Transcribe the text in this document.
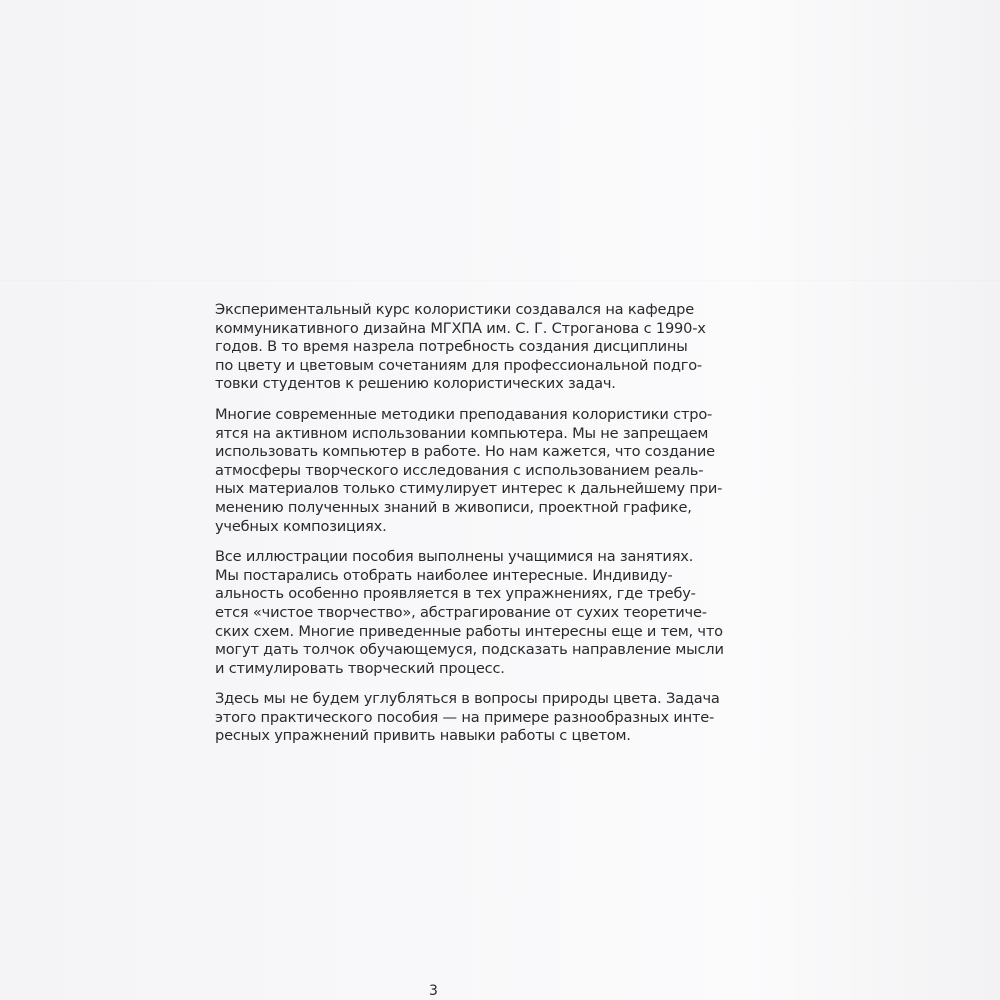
Экспериментальный курс колористики создавался на кафедре
коммуникативного дизайна МГХПА им. С. Г. Строганова с 1990-х
годов. В то время назрела потребность создания дисциплины
по цвету и цветовым сочетаниям для профессиональной подго-
товки студентов к решению колористических задач.

Многие современные методики преподавания колористики стро-
ятся на активном использовании компьютера. Мы не запрещаем
использовать компьютер в работе. Но нам кажется, что создание
атмосферы творческого исследования с использованием реаль-
ных материалов только стимулирует интерес к дальнейшему при-
менению полученных знаний в живописи, проектной графике,
учебных композициях.

Все иллюстрации пособия выполнены учащимися на занятиях.
Мы постарались отобрать наиболее интересные. Индивиду-
альность особенно проявляется в тех упражнениях, где требу-
ется «чистое творчество», абстрагирование от сухих теоретиче-
ских схем. Многие приведенные работы интересны еще и тем, что
могут дать толчок обучающемуся, подсказать направление мысли
и стимулировать творческий процесс.

Здесь мы не будем углубляться в вопросы природы цвета. Задача
этого практического пособия — на примере разнообразных инте-
ресных упражнений привить навыки работы с цветом.

3
